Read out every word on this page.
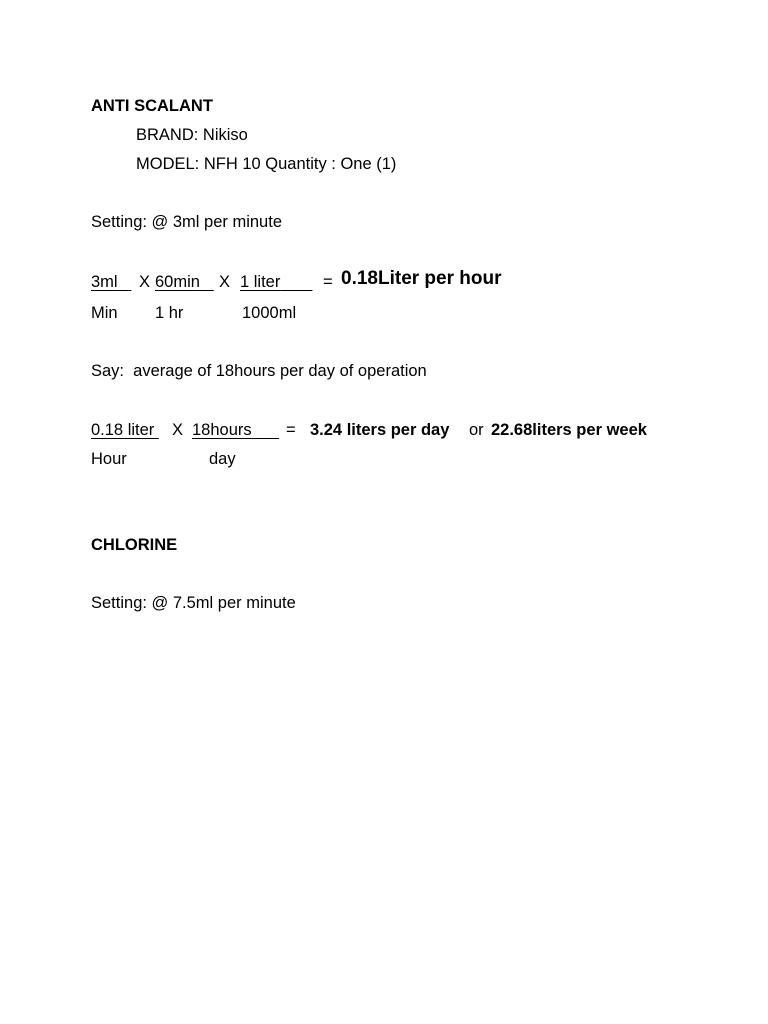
ANTI SCALANT
BRAND: Nikiso
MODEL: NFH 10 Quantity : One (1)
Setting: @ 3ml per minute

3ml

	X

60min

	X

1 liter

	=

0.18Liter per hour

Min

1 hr

	1000ml

Say:  average of 18hours per day of operation

0.18 liter

X

18hours

	=

3.24 liters per day

or

22.68liters per week

Hour

	day

CHLORINE
Setting: @ 7.5ml per minute
